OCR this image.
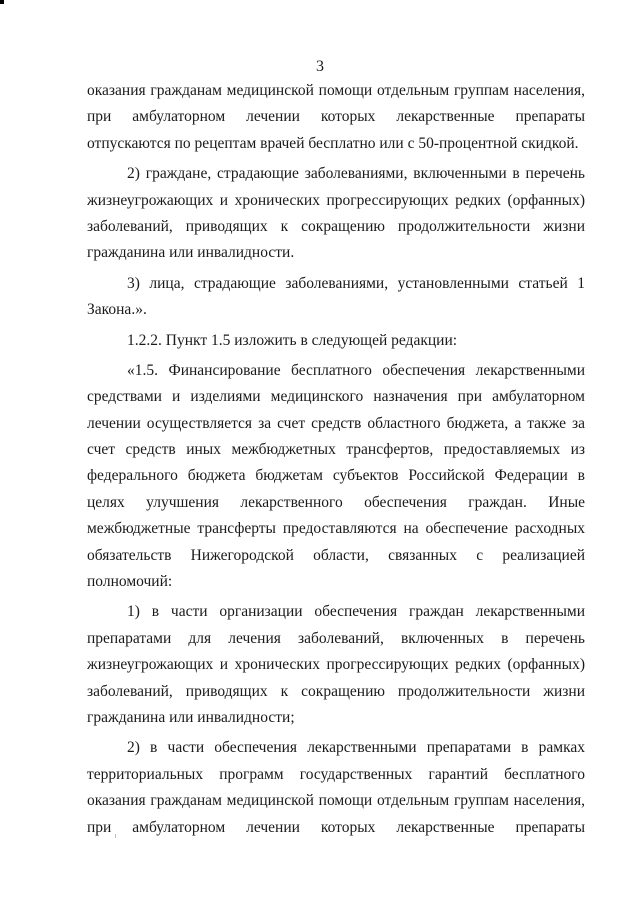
3
оказания гражданам медицинской помощи отдельным группам населения,
при амбулаторном лечении которых лекарственные препараты
отпускаются по рецептам врачей бесплатно или с 50-процентной скидкой.
2) граждане, страдающие заболеваниями, включенными в перечень
жизнеугрожающих и хронических прогрессирующих редких (орфанных)
заболеваний, приводящих к сокращению продолжительности жизни
гражданина или инвалидности.
3) лица, страдающие заболеваниями, установленными статьей 1
Закона.».
1.2.2. Пункт 1.5 изложить в следующей редакции:
«1.5. Финансирование бесплатного обеспечения лекарственными
средствами и изделиями медицинского назначения при амбулаторном
лечении осуществляется за счет средств областного бюджета, а также за
счет средств иных межбюджетных трансфертов, предоставляемых из
федерального бюджета бюджетам субъектов Российской Федерации в
целях улучшения лекарственного обеспечения граждан. Иные
межбюджетные трансферты предоставляются на обеспечение расходных
обязательств Нижегородской области, связанных с реализацией
полномочий:
1) в части организации обеспечения граждан лекарственными
препаратами для лечения заболеваний, включенных в перечень
жизнеугрожающих и хронических прогрессирующих редких (орфанных)
заболеваний, приводящих к сокращению продолжительности жизни
гражданина или инвалидности;
2) в части обеспечения лекарственными препаратами в рамках
территориальных программ государственных гарантий бесплатного
оказания гражданам медицинской помощи отдельным группам населения,
при амбулаторном лечении которых лекарственные препараты
